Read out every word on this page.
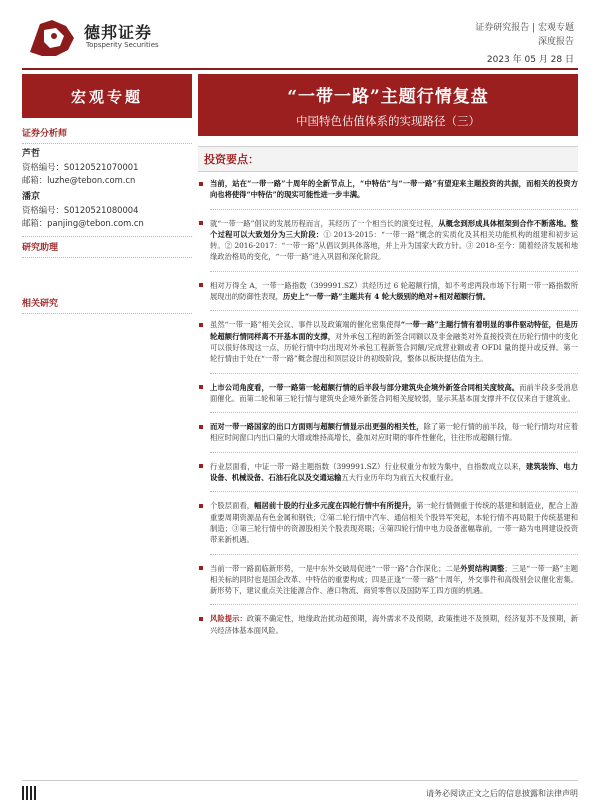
德邦证券
Topsperity Securities
证券研究报告 | 宏观专题
深度报告
2023 年 05 月 28 日
宏观专题
证券分析师
芦哲
资格编号：S0120521070001
邮箱：luzhe@tebon.com.cn
潘京
资格编号：S0120521080004
邮箱：panjing@tebon.com.cn
研究助理
相关研究
“一带一路”主题行情复盘
中国特色估值体系的实现路径（三）
投资要点：
当前，站在“一带一路”十周年的全新节点上，“中特估”与“一带一路”有望迎来主题投资的共振，而相关的投资方向也将使得“中特估”的现实可能性进一步丰满。
就“一带一路”倡议的发展历程而言，其经历了一个相当长的演变过程，从概念到形成具体框架到合作不断落地。整个过程可以大致划分为三大阶段：① 2013-2015：“一带一路”概念的实质化及其相关功能机构的组建和初步运转。② 2016-2017：“一带一路”从倡议到具体落地，并上升为国家大政方针。③ 2018-至今：随着经济发展和地缘政治格局的变化，“一带一路”进入巩固和深化阶段。
相对万得全 A，一带一路指数（399991.SZ）共经历过 6 轮超额行情，如不考虑两段市场下行期一带一路指数所展现出的防御性表现，历史上“一带一路”主题共有 4 轮大级别的绝对+相对超额行情。
虽然“一带一路”相关会议、事件以及政策端的催化密集使得“一带一路”主题行情有着明显的事件驱动特征，但是历轮超额行情同样离不开基本面的支撑，对外承包工程的新签合同额以及非金融类对外直接投资在历轮行情中的变化可以很好体现这一点，历轮行情中均出现对外承包工程新签合同额/完成营业额或者 OFDI 量的提升或反弹。第一轮行情由于处在“一带一路”概念提出和顶层设计的初级阶段，整体以板块提估值为主。
上市公司角度看，一带一路第一轮超额行情的后半段与部分建筑央企境外新签合同相关度较高。而前半段多受消息面催化。而第二轮和第三轮行情与建筑央企境外新签合同相关度较弱，显示其基本面支撑并不仅仅来自于建筑业。
而对一带一路国家的出口方面则与超额行情显示出更强的相关性，除了第一轮行情的前半段，每一轮行情均对应着相应时间窗口内出口量的大增或维持高增长，叠加对应时期的事件性催化，往往形成超额行情。
行业层面看，中证一带一路主题指数（399991.SZ）行业权重分布较为集中，自指数成立以来，建筑装饰、电力设备、机械设备、石油石化以及交通运输五大行业历年均为前五大权重行业。
个股层面看，幅居前十股的行业多元度在四轮行情中有所提升，第一轮行情侧重于传统的基建和制造业，配合上游重要周期资源品有色金属和钢铁；②第二轮行情中汽车、通信相关个股异军突起，本轮行情不再局限于传统基建和制造；③第三轮行情中的资源股相关个股表现亮眼；④第四轮行情中电力设备涨幅靠前，一带一路为电网建设投资带来新机遇。
当前一带一路面临新形势，一是中东外交破局促进“一带一路”合作深化；二是外贸结构调整；三是“一带一路”主题相关标的同时也是国企改革、中特估的重要构成；四是正逢“一带一路”十周年，外交事件和高级别会议催化密集。新形势下，建议重点关注能源合作、港口物流、商贸零售以及国防军工四方面的机遇。
风险提示：政策不确定性，地缘政治扰动超预期，海外需求不及预期，政策推进不及预期，经济复苏不及预期，新兴经济体基本面风险。
请务必阅读正文之后的信息披露和法律声明
